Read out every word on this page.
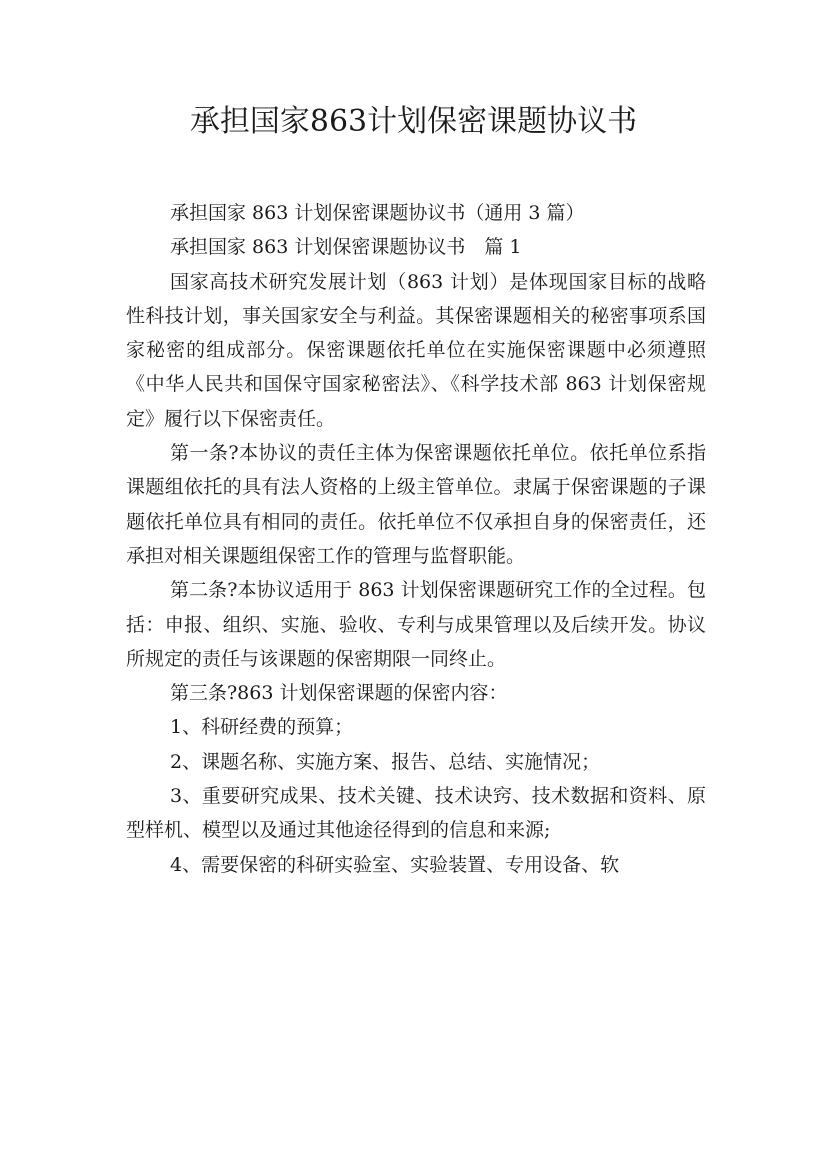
承担国家863计划保密课题协议书

承担国家 863 计划保密课题协议书（通用 3 篇）

承担国家 863 计划保密课题协议书　篇 1

国家高技术研究发展计划（863 计划）是体现国家目标的战略性科技计划，事关国家安全与利益。其保密课题相关的秘密事项系国家秘密的组成部分。保密课题依托单位在实施保密课题中必须遵照《中华人民共和国保守国家秘密法》、《科学技术部 863 计划保密规定》履行以下保密责任。

第一条?本协议的责任主体为保密课题依托单位。依托单位系指课题组依托的具有法人资格的上级主管单位。隶属于保密课题的子课题依托单位具有相同的责任。依托单位不仅承担自身的保密责任，还承担对相关课题组保密工作的管理与监督职能。

第二条?本协议适用于 863 计划保密课题研究工作的全过程。包括：申报、组织、实施、验收、专利与成果管理以及后续开发。协议所规定的责任与该课题的保密期限一同终止。

第三条?863 计划保密课题的保密内容：

1、科研经费的预算；

2、课题名称、实施方案、报告、总结、实施情况；

3、重要研究成果、技术关键、技术诀窍、技术数据和资料、原型样机、模型以及通过其他途径得到的信息和来源;

4、需要保密的科研实验室、实验装置、专用设备、软
